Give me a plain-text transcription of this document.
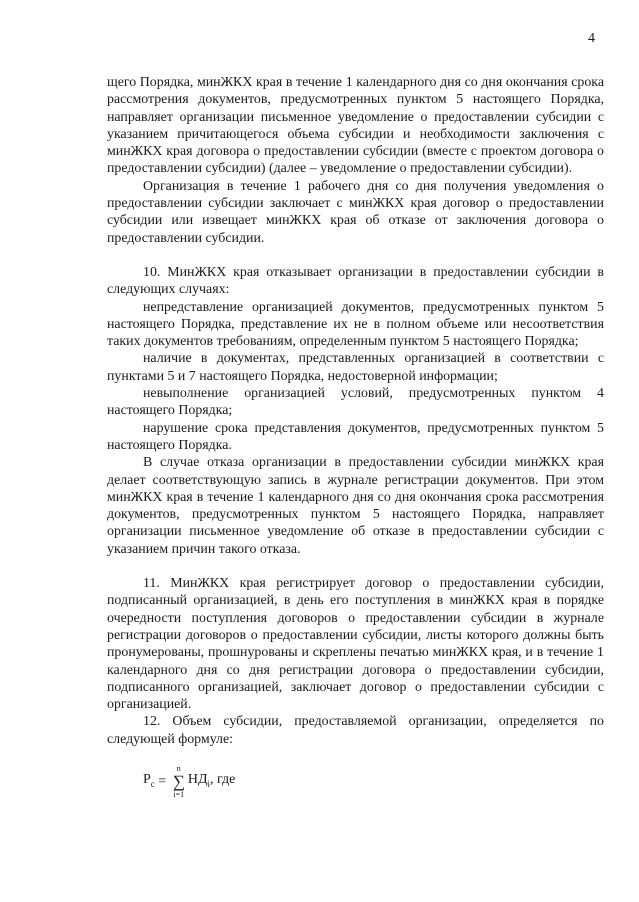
4

щего Порядка, минЖКХ края в течение 1 календарного дня со дня окончания срока рассмотрения документов, предусмотренных пунктом 5 настоящего Порядка, направляет организации письменное уведомление о предоставлении субсидии с указанием причитающегося объема субсидии и необходимости заключения с минЖКХ края договора о предоставлении субсидии (вместе с проектом договора о предоставлении субсидии) (далее – уведомление о предоставлении субсидии).

Организация в течение 1 рабочего дня со дня получения уведомления о предоставлении субсидии заключает с минЖКХ края договор о предоставлении субсидии или извещает минЖКХ края об отказе от заключения договора о предоставлении субсидии.

10. МинЖКХ края отказывает организации в предоставлении субсидии в следующих случаях:

непредставление организацией документов, предусмотренных пунктом 5 настоящего Порядка, представление их не в полном объеме или несоответствия таких документов требованиям, определенным пунктом 5 настоящего Порядка;

наличие в документах, представленных организацией в соответствии с пунктами 5 и 7 настоящего Порядка, недостоверной информации;

невыполнение организацией условий, предусмотренных пунктом 4 настоящего Порядка;

нарушение срока представления документов, предусмотренных пунктом 5 настоящего Порядка.

В случае отказа организации в предоставлении субсидии минЖКХ края делает соответствующую запись в журнале регистрации документов. При этом минЖКХ края в течение 1 календарного дня со дня окончания срока рассмотрения документов, предусмотренных пунктом 5 настоящего Порядка, направляет организации письменное уведомление об отказе в предоставлении субсидии с указанием причин такого отказа.

11. МинЖКХ края регистрирует договор о предоставлении субсидии, подписанный организацией, в день его поступления в минЖКХ края в порядке очередности поступления договоров о предоставлении субсидии в журнале регистрации договоров о предоставлении субсидии, листы которого должны быть пронумерованы, прошнурованы и скреплены печатью минЖКХ края, и в течение 1 календарного дня со дня регистрации договора о предоставлении субсидии, подписанного организацией, заключает договор о предоставлении субсидии с организацией.

12. Объем субсидии, предоставляемой организации, определяется по следующей формуле:

$Р_с$ =
n
∑
i=1
$НД_i$, где
